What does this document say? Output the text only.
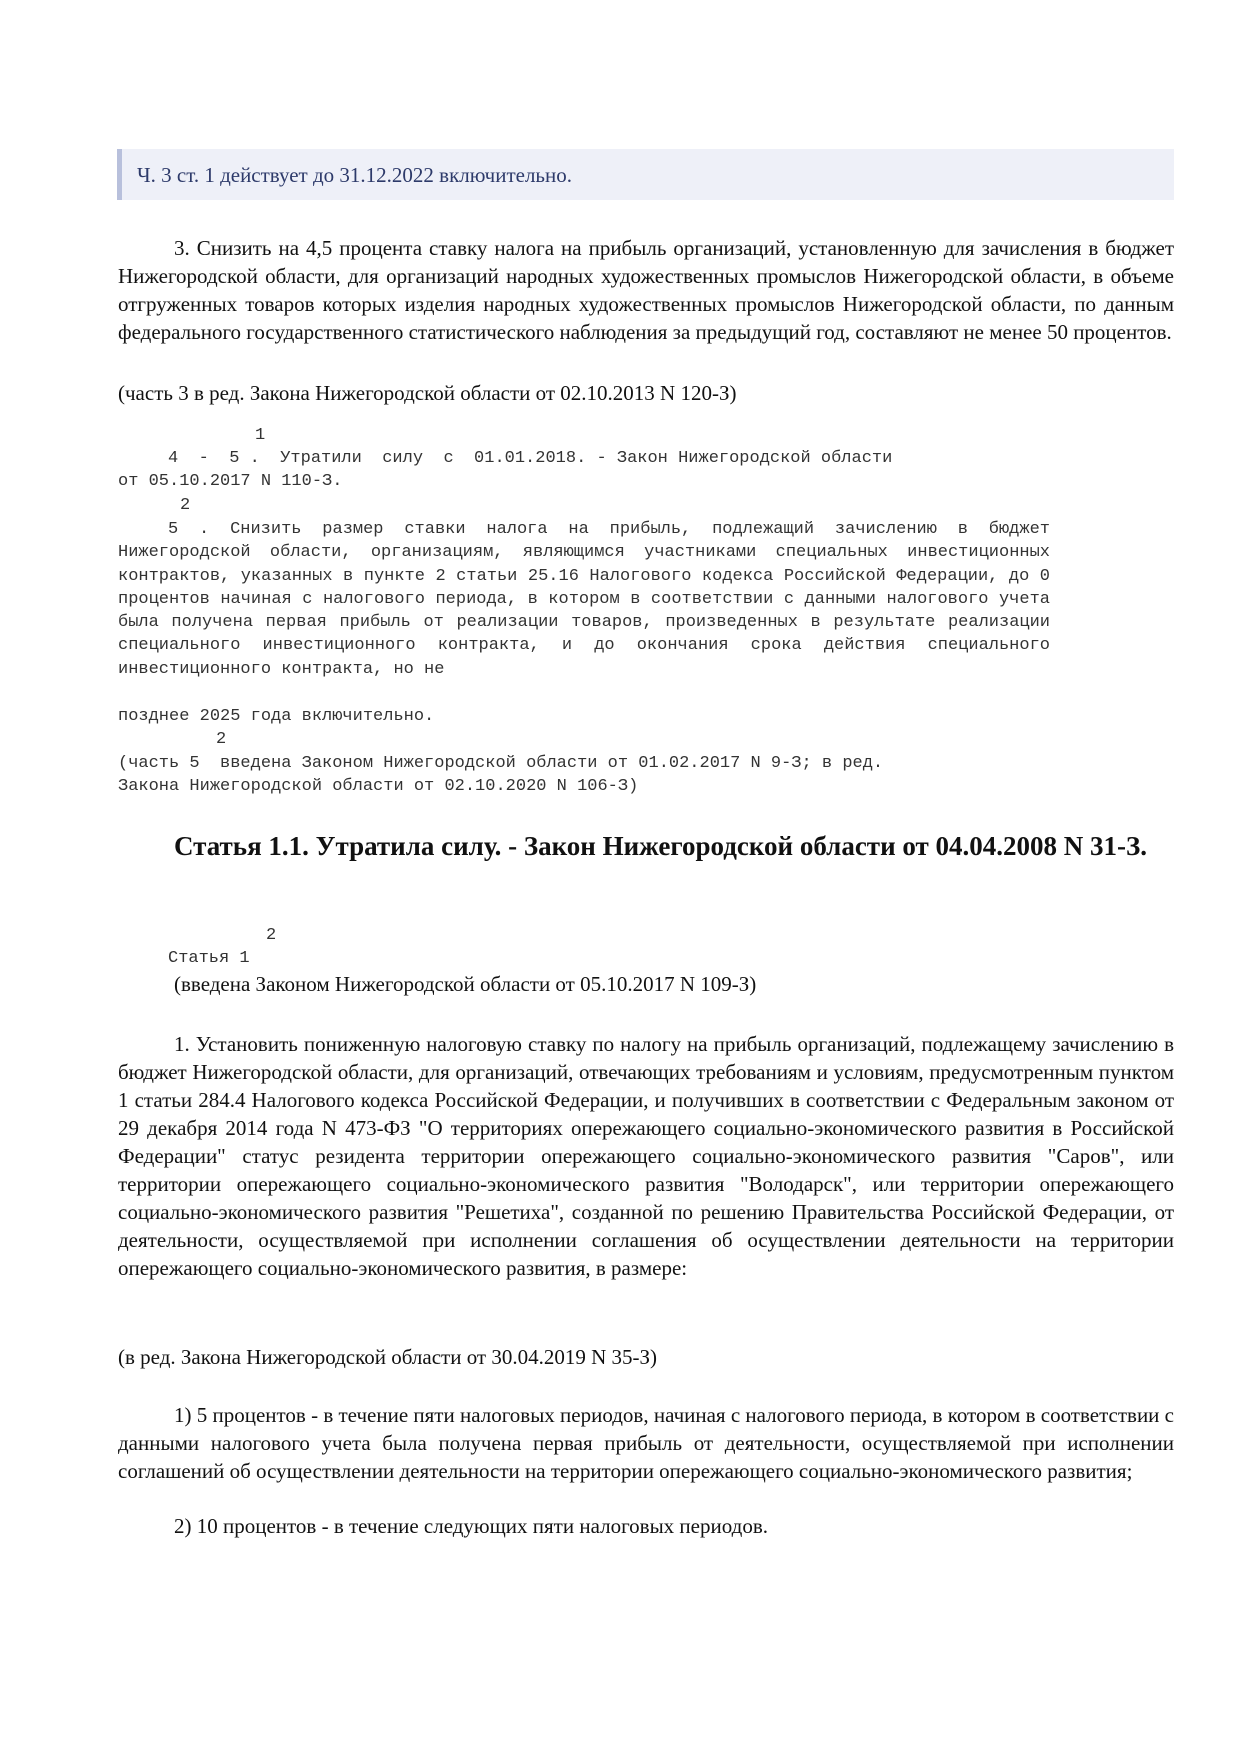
Ч. 3 ст. 1 действует до 31.12.2022 включительно.
3. Снизить на 4,5 процента ставку налога на прибыль организаций, установленную для зачисления в бюджет Нижегородской области, для организаций народных художественных промыслов Нижегородской области, в объеме отгруженных товаров которых изделия народных художественных промыслов Нижегородской области, по данным федерального государственного статистического наблюдения за предыдущий год, составляют не менее 50 процентов.
(часть 3 в ред. Закона Нижегородской области от 02.10.2013 N 120-З)
1
4  -  5 .  Утратили  силу  с  01.01.2018. - Закон Нижегородской области
от 05.10.2017 N 110-З.
2
5 . Снизить размер ставки налога на прибыль, подлежащий зачислению в бюджет Нижегородской области, организациям, являющимся участниками специальных инвестиционных контрактов, указанных в пункте 2 статьи 25.16 Налогового кодекса Российской Федерации, до 0 процентов начиная с налогового периода, в котором в соответствии с данными налогового учета была получена первая прибыль от реализации товаров, произведенных в результате реализации специального инвестиционного контракта, и до окончания срока действия специального инвестиционного контракта, но не
позднее 2025 года включительно.
2
(часть 5  введена Законом Нижегородской области от 01.02.2017 N 9-З; в ред.
Закона Нижегородской области от 02.10.2020 N 106-З)
Статья 1.1. Утратила силу. - Закон Нижегородской области от 04.04.2008 N 31-З.
2
Статья 1
(введена Законом Нижегородской области от 05.10.2017 N 109-З)
1. Установить пониженную налоговую ставку по налогу на прибыль организаций, подлежащему зачислению в бюджет Нижегородской области, для организаций, отвечающих требованиям и условиям, предусмотренным пунктом 1 статьи 284.4 Налогового кодекса Российской Федерации, и получивших в соответствии с Федеральным законом от 29 декабря 2014 года N 473-ФЗ "О территориях опережающего социально-экономического развития в Российской Федерации" статус резидента территории опережающего социально-экономического развития "Саров", или территории опережающего социально-экономического развития "Володарск", или территории опережающего социально-экономического развития "Решетиха", созданной по решению Правительства Российской Федерации, от деятельности, осуществляемой при исполнении соглашения об осуществлении деятельности на территории опережающего социально-экономического развития, в размере:
(в ред. Закона Нижегородской области от 30.04.2019 N 35-З)
1) 5 процентов - в течение пяти налоговых периодов, начиная с налогового периода, в котором в соответствии с данными налогового учета была получена первая прибыль от деятельности, осуществляемой при исполнении соглашений об осуществлении деятельности на территории опережающего социально-экономического развития;
2) 10 процентов - в течение следующих пяти налоговых периодов.
